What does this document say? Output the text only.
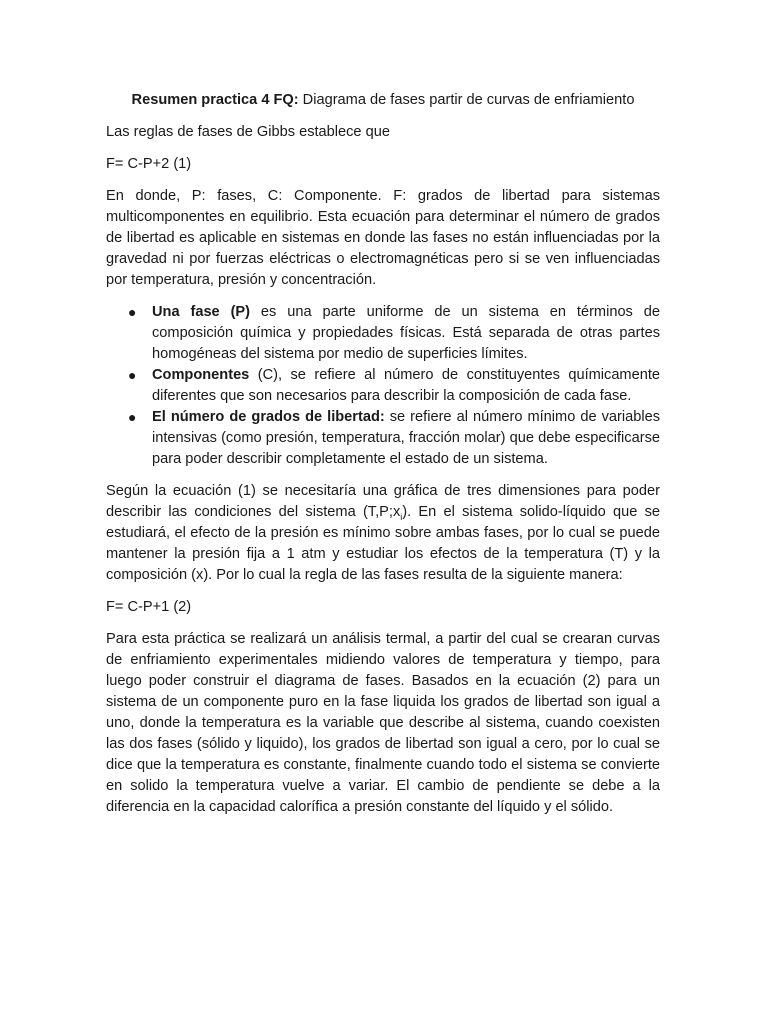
Resumen practica 4 FQ: Diagrama de fases partir de curvas de enfriamiento

Las reglas de fases de Gibbs establece que

F= C-P+2 (1)

En donde, P: fases, C: Componente. F: grados de libertad para sistemas multicomponentes en equilibrio. Esta ecuación para determinar el número de grados de libertad es aplicable en sistemas en donde las fases no están influenciadas por la gravedad ni por fuerzas eléctricas o electromagnéticas pero si se ven influenciadas por temperatura, presión y concentración.

● Una fase (P) es una parte uniforme de un sistema en términos de composición química y propiedades físicas. Está separada de otras partes homogéneas del sistema por medio de superficies límites.
● Componentes (C), se refiere al número de constituyentes químicamente diferentes que son necesarios para describir la composición de cada fase.
● El número de grados de libertad: se refiere al número mínimo de variables intensivas (como presión, temperatura, fracción molar) que debe especificarse para poder describir completamente el estado de un sistema.

Según la ecuación (1) se necesitaría una gráfica de tres dimensiones para poder describir las condiciones del sistema $(T,P;x_i)$. En el sistema solido-líquido que se estudiará, el efecto de la presión es mínimo sobre ambas fases, por lo cual se puede mantener la presión fija a 1 atm y estudiar los efectos de la temperatura (T) y la composición (x). Por lo cual la regla de las fases resulta de la siguiente manera:

F= C-P+1 (2)

Para esta práctica se realizará un análisis termal, a partir del cual se crearan curvas de enfriamiento experimentales midiendo valores de temperatura y tiempo, para luego poder construir el diagrama de fases. Basados en la ecuación (2) para un sistema de un componente puro en la fase liquida los grados de libertad son igual a uno, donde la temperatura es la variable que describe al sistema, cuando coexisten las dos fases (sólido y liquido), los grados de libertad son igual a cero, por lo cual se dice que la temperatura es constante, finalmente cuando todo el sistema se convierte en solido la temperatura vuelve a variar. El cambio de pendiente se debe a la diferencia en la capacidad calorífica a presión constante del líquido y el sólido.
